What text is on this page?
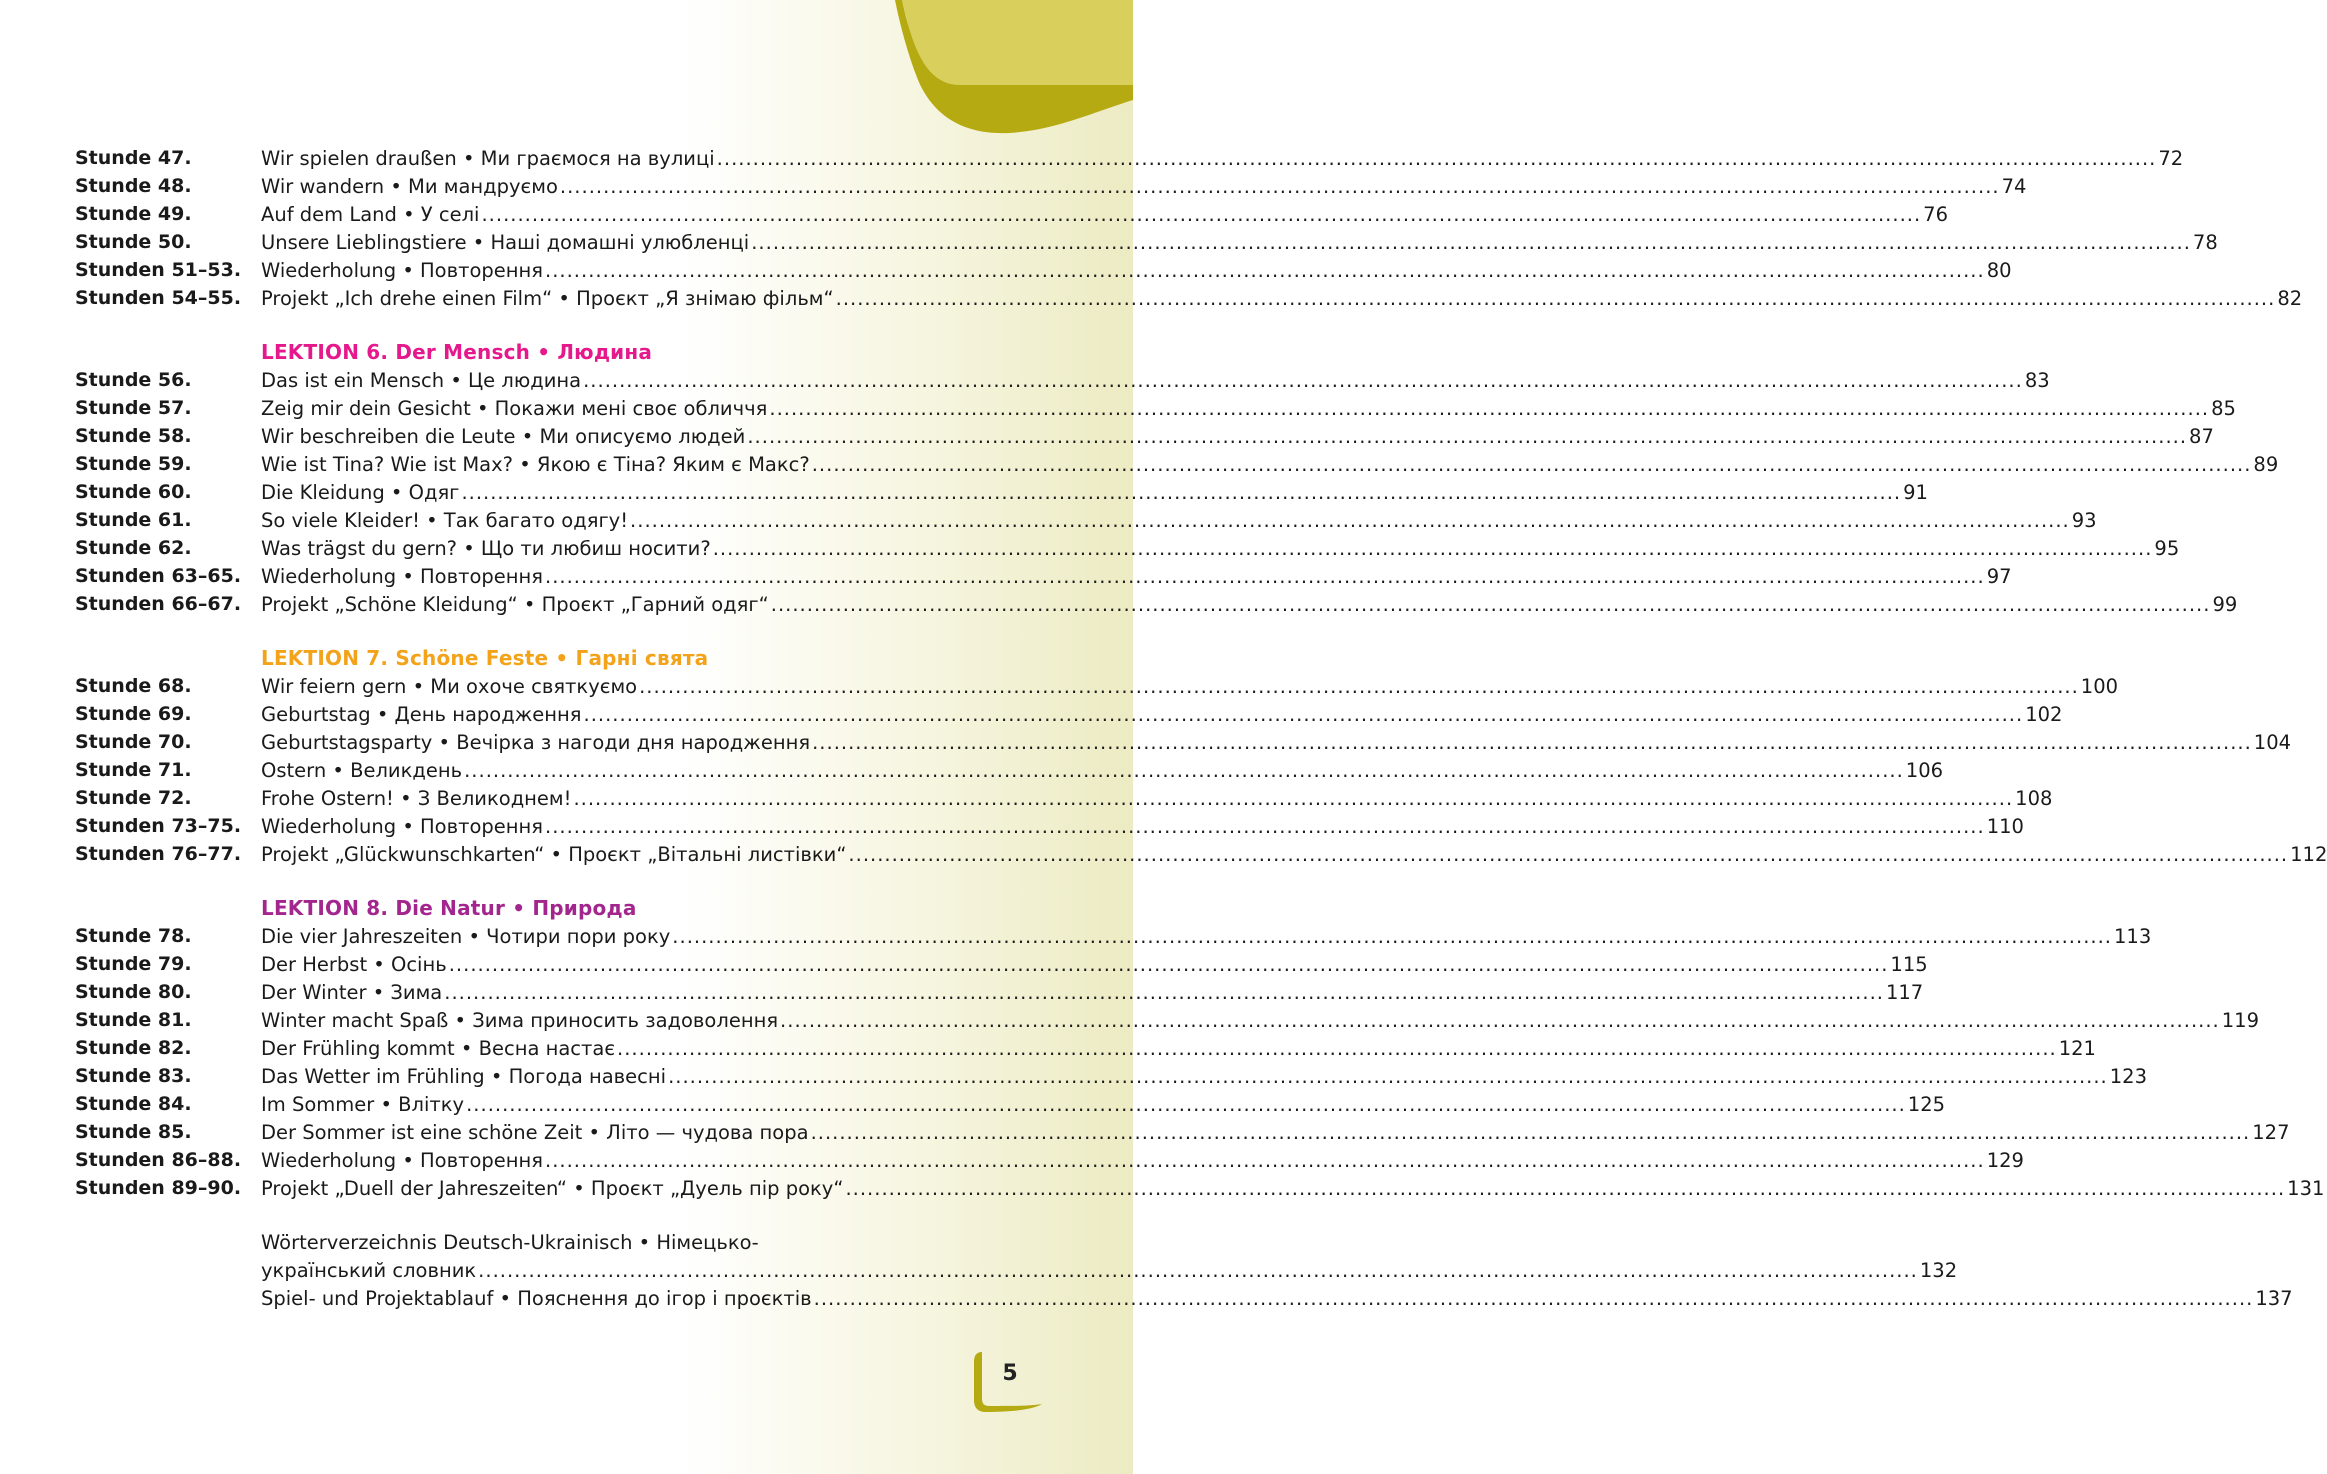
Stunde 47.	Wir spielen draußen • Ми граємося на вулиці ........................................................................................................................................................................................................ 72
Stunde 48.	Wir wandern • Ми мандруємо ........................................................................................................................................................................................................ 74
Stunde 49.	Auf dem Land • У селі ........................................................................................................................................................................................................ 76
Stunde 50.	Unsere Lieblingstiere • Наші домашні улюбленці ........................................................................................................................................................................................................ 78
Stunden 51–53.	Wiederholung • Повторення ........................................................................................................................................................................................................ 80
Stunden 54–55.	Projekt „Ich drehe einen Film“ • Проєкт „Я знімаю фільм“ ........................................................................................................................................................................................................ 82
LEKTION 6. Der Mensch • Людина
Stunde 56.	Das ist ein Mensch • Це людина ........................................................................................................................................................................................................ 83
Stunde 57.	Zeig mir dein Gesicht • Покажи мені своє обличчя ........................................................................................................................................................................................................ 85
Stunde 58.	Wir beschreiben die Leute • Ми описуємо людей ........................................................................................................................................................................................................ 87
Stunde 59.	Wie ist Tina? Wie ist Max? • Якою є Тіна? Яким є Макс? ........................................................................................................................................................................................................ 89
Stunde 60.	Die Kleidung • Одяг ........................................................................................................................................................................................................ 91
Stunde 61.	So viele Kleider! • Так багато одягу! ........................................................................................................................................................................................................ 93
Stunde 62.	Was trägst du gern? • Що ти любиш носити? ........................................................................................................................................................................................................ 95
Stunden 63–65.	Wiederholung • Повторення ........................................................................................................................................................................................................ 97
Stunden 66–67.	Projekt „Schöne Kleidung“ • Проєкт „Гарний одяг“ ........................................................................................................................................................................................................ 99
LEKTION 7. Schöne Feste • Гарні свята
Stunde 68.	Wir feiern gern • Ми охоче святкуємо ........................................................................................................................................................................................................ 100
Stunde 69.	Geburtstag • День народження ........................................................................................................................................................................................................ 102
Stunde 70.	Geburtstagsparty • Вечірка з нагоди дня народження ........................................................................................................................................................................................................ 104
Stunde 71.	Ostern • Великдень ........................................................................................................................................................................................................ 106
Stunde 72.	Frohe Ostern! • З Великоднем! ........................................................................................................................................................................................................ 108
Stunden 73–75.	Wiederholung • Повторення ........................................................................................................................................................................................................ 110
Stunden 76–77.	Projekt „Glückwunschkarten“ • Проєкт „Вітальні листівки“ ........................................................................................................................................................................................................ 112
LEKTION 8. Die Natur • Природа
Stunde 78.	Die vier Jahreszeiten • Чотири пори року ........................................................................................................................................................................................................ 113
Stunde 79.	Der Herbst • Осінь ........................................................................................................................................................................................................ 115
Stunde 80.	Der Winter • Зима ........................................................................................................................................................................................................ 117
Stunde 81.	Winter macht Spaß • Зима приносить задоволення ........................................................................................................................................................................................................ 119
Stunde 82.	Der Frühling kommt • Весна настає ........................................................................................................................................................................................................ 121
Stunde 83.	Das Wetter im Frühling • Погода навесні ........................................................................................................................................................................................................ 123
Stunde 84.	Im Sommer • Влітку ........................................................................................................................................................................................................ 125
Stunde 85.	Der Sommer ist eine schöne Zeit • Літо — чудова пора ........................................................................................................................................................................................................ 127
Stunden 86–88.	Wiederholung • Повторення ........................................................................................................................................................................................................ 129
Stunden 89–90.	Projekt „Duell der Jahreszeiten“ • Проєкт „Дуель пір року“ ........................................................................................................................................................................................................ 131
Wörterverzeichnis Deutsch-Ukrainisch • Німецько-
український словник ........................................................................................................................................................................................................ 132
Spiel- und Projektablauf • Пояснення до ігор і проєктів ........................................................................................................................................................................................................ 137
5
